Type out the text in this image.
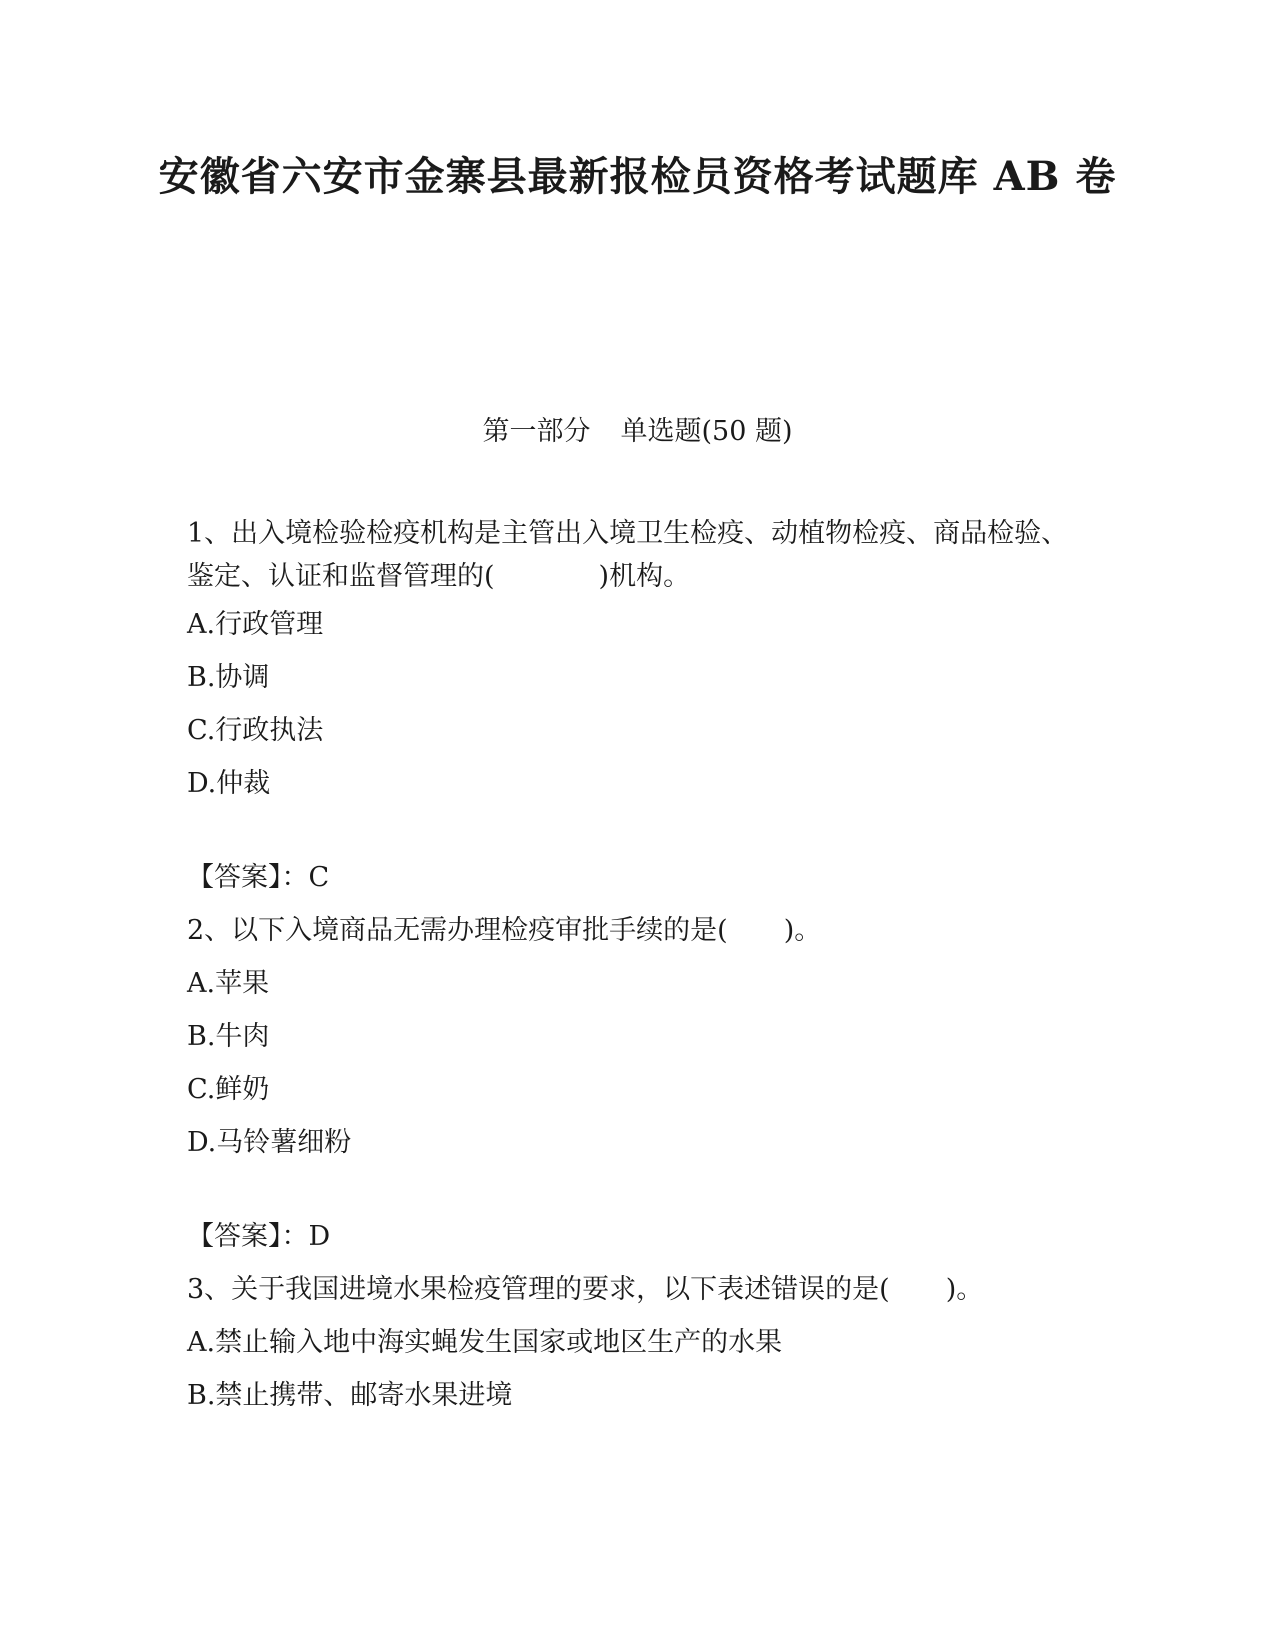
安徽省六安市金寨县最新报检员资格考试题库 AB 卷
第一部分 单选题(50 题)

1、出入境检验检疫机构是主管出入境卫生检疫、动植物检疫、商品检验、鉴定、认证和监督管理的(	)机构。

A.行政管理

B.协调

C.行政执法

D.仲裁

【答案】：C

2、以下入境商品无需办理检疫审批手续的是( )。

A.苹果

B.牛肉

C.鲜奶

D.马铃薯细粉

【答案】：D

3、关于我国进境水果检疫管理的要求，以下表述错误的是( )。

A.禁止输入地中海实蝇发生国家或地区生产的水果

B.禁止携带、邮寄水果进境
